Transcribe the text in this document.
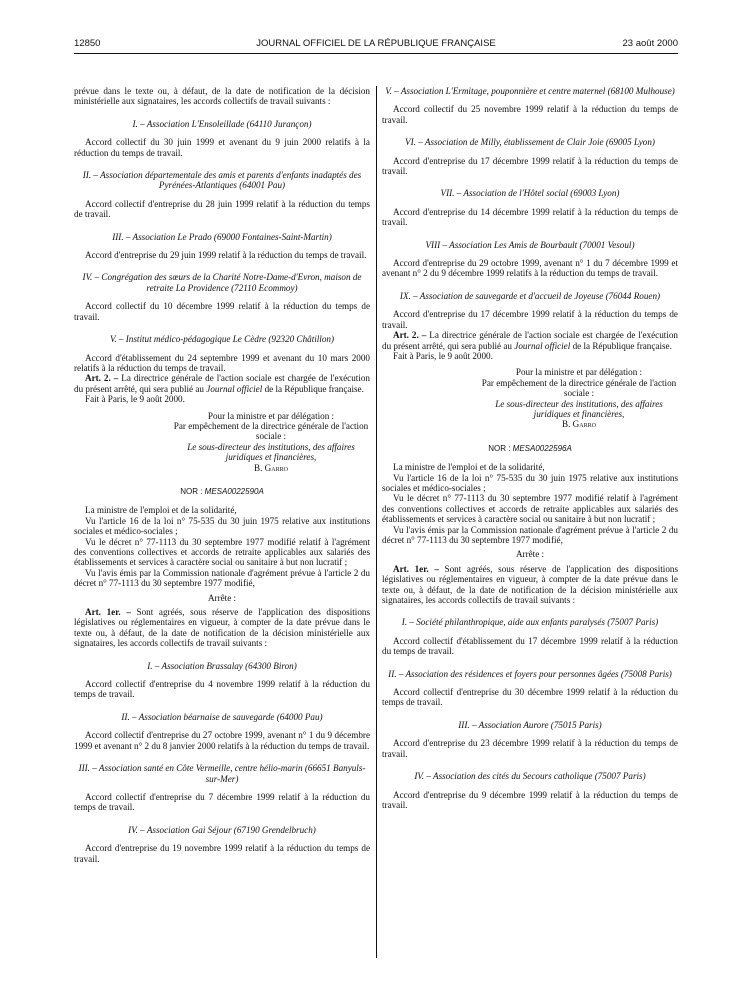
12850	JOURNAL OFFICIEL DE LA RÉPUBLIQUE FRANÇAISE	23 août 2000

prévue dans le texte ou, à défaut, de la date de notification de la décision ministérielle aux signataires, les accords collectifs de travail suivants :

I. – Association L'Ensoleillade (64110 Jurançon)

Accord collectif du 30 juin 1999 et avenant du 9 juin 2000 relatifs à la réduction du temps de travail.

II. – Association départementale des amis et parents d'enfants inadaptés des Pyrénées-Atlantiques (64001 Pau)

Accord collectif d'entreprise du 28 juin 1999 relatif à la réduction du temps de travail.

III. – Association Le Prado (69000 Fontaines-Saint-Martin)

Accord d'entreprise du 29 juin 1999 relatif à la réduction du temps de travail.

IV. – Congrégation des sœurs de la Charité Notre-Dame-d'Evron, maison de retraite La Providence (72110 Ecommoy)

Accord collectif du 10 décembre 1999 relatif à la réduction du temps de travail.

V. – Institut médico-pédagogique Le Cèdre (92320 Châtillon)

Accord d'établissement du 24 septembre 1999 et avenant du 10 mars 2000 relatifs à la réduction du temps de travail.

Art. 2. – La directrice générale de l'action sociale est chargée de l'exécution du présent arrêté, qui sera publié au Journal officiel de la République française.

Fait à Paris, le 9 août 2000.

Pour la ministre et par délégation :
Par empêchement de la directrice générale de l'action sociale :
Le sous-directeur des institutions, des affaires juridiques et financières,
B. Garro

NOR : MESA0022590A

La ministre de l'emploi et de la solidarité,

Vu l'article 16 de la loi n° 75-535 du 30 juin 1975 relative aux institutions sociales et médico-sociales ;

Vu le décret n° 77-1113 du 30 septembre 1977 modifié relatif à l'agrément des conventions collectives et accords de retraite applicables aux salariés des établissements et services à caractère social ou sanitaire à but non lucratif ;

Vu l'avis émis par la Commission nationale d'agrément prévue à l'article 2 du décret n° 77-1113 du 30 septembre 1977 modifié,

Arrête :

Art. 1er. – Sont agréés, sous réserve de l'application des dispositions législatives ou réglementaires en vigueur, à compter de la date prévue dans le texte ou, à défaut, de la date de notification de la décision ministérielle aux signataires, les accords collectifs de travail suivants :

I. – Association Brassalay (64300 Biron)

Accord collectif d'entreprise du 4 novembre 1999 relatif à la réduction du temps de travail.

II. – Association béarnaise de sauvegarde (64000 Pau)

Accord collectif d'entreprise du 27 octobre 1999, avenant n° 1 du 9 décembre 1999 et avenant n° 2 du 8 janvier 2000 relatifs à la réduction du temps de travail.

III. – Association santé en Côte Vermeille, centre hélio-marin (66651 Banyuls-sur-Mer)

Accord collectif d'entreprise du 7 décembre 1999 relatif à la réduction du temps de travail.

IV. – Association Gai Séjour (67190 Grendelbruch)

Accord d'entreprise du 19 novembre 1999 relatif à la réduction du temps de travail.

V. – Association L'Ermitage, pouponnière et centre maternel (68100 Mulhouse)

Accord collectif du 25 novembre 1999 relatif à la réduction du temps de travail.

VI. – Association de Milly, établissement de Clair Joie (69005 Lyon)

Accord d'entreprise du 17 décembre 1999 relatif à la réduction du temps de travail.

VII. – Association de l'Hôtel social (69003 Lyon)

Accord d'entreprise du 14 décembre 1999 relatif à la réduction du temps de travail.

VIII – Association Les Amis de Bourbault (70001 Vesoul)

Accord d'entreprise du 29 octobre 1999, avenant n° 1 du 7 décembre 1999 et avenant n° 2 du 9 décembre 1999 relatifs à la réduction du temps de travail.

IX. – Association de sauvegarde et d'accueil de Joyeuse (76044 Rouen)

Accord d'entreprise du 17 décembre 1999 relatif à la réduction du temps de travail.

Art. 2. – La directrice générale de l'action sociale est chargée de l'exécution du présent arrêté, qui sera publié au Journal officiel de la République française.

Fait à Paris, le 9 août 2000.

Pour la ministre et par délégation :
Par empêchement de la directrice générale de l'action sociale :
Le sous-directeur des institutions, des affaires juridiques et financières,
B. Garro

NOR : MESA0022596A

La ministre de l'emploi et de la solidarité,

Vu l'article 16 de la loi n° 75-535 du 30 juin 1975 relative aux institutions sociales et médico-sociales ;

Vu le décret n° 77-1113 du 30 septembre 1977 modifié relatif à l'agrément des conventions collectives et accords de retraite applicables aux salariés des établissements et services à caractère social ou sanitaire à but non lucratif ;

Vu l'avis émis par la Commission nationale d'agrément prévue à l'article 2 du décret n° 77-1113 du 30 septembre 1977 modifié,

Arrête :

Art. 1er. – Sont agréés, sous réserve de l'application des dispositions législatives ou réglementaires en vigueur, à compter de la date prévue dans le texte ou, à défaut, de la date de notification de la décision ministérielle aux signataires, les accords collectifs de travail suivants :

I. – Société philanthropique, aide aux enfants paralysés (75007 Paris)

Accord collectif d'établissement du 17 décembre 1999 relatif à la réduction du temps de travail.

II. – Association des résidences et foyers pour personnes âgées (75008 Paris)

Accord collectif d'entreprise du 30 décembre 1999 relatif à la réduction du temps de travail.

III. – Association Aurore (75015 Paris)

Accord d'entreprise du 23 décembre 1999 relatif à la réduction du temps de travail.

IV. – Association des cités du Secours catholique (75007 Paris)

Accord d'entreprise du 9 décembre 1999 relatif à la réduction du temps de travail.
